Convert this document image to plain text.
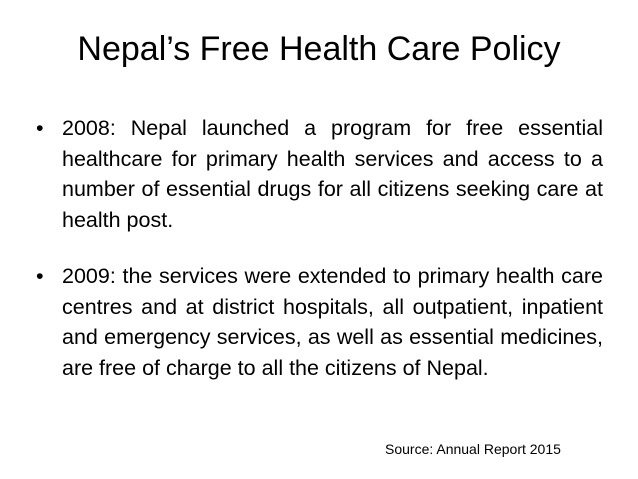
Nepal’s Free Health Care Policy
• 2008: Nepal launched a program for free essential healthcare for primary health services and access to a number of essential drugs for all citizens seeking care at health post.
• 2009: the services were extended to primary health care centres and at district hospitals, all outpatient, inpatient and emergency services, as well as essential medicines, are free of charge to all the citizens of Nepal.
Source: Annual Report 2015
